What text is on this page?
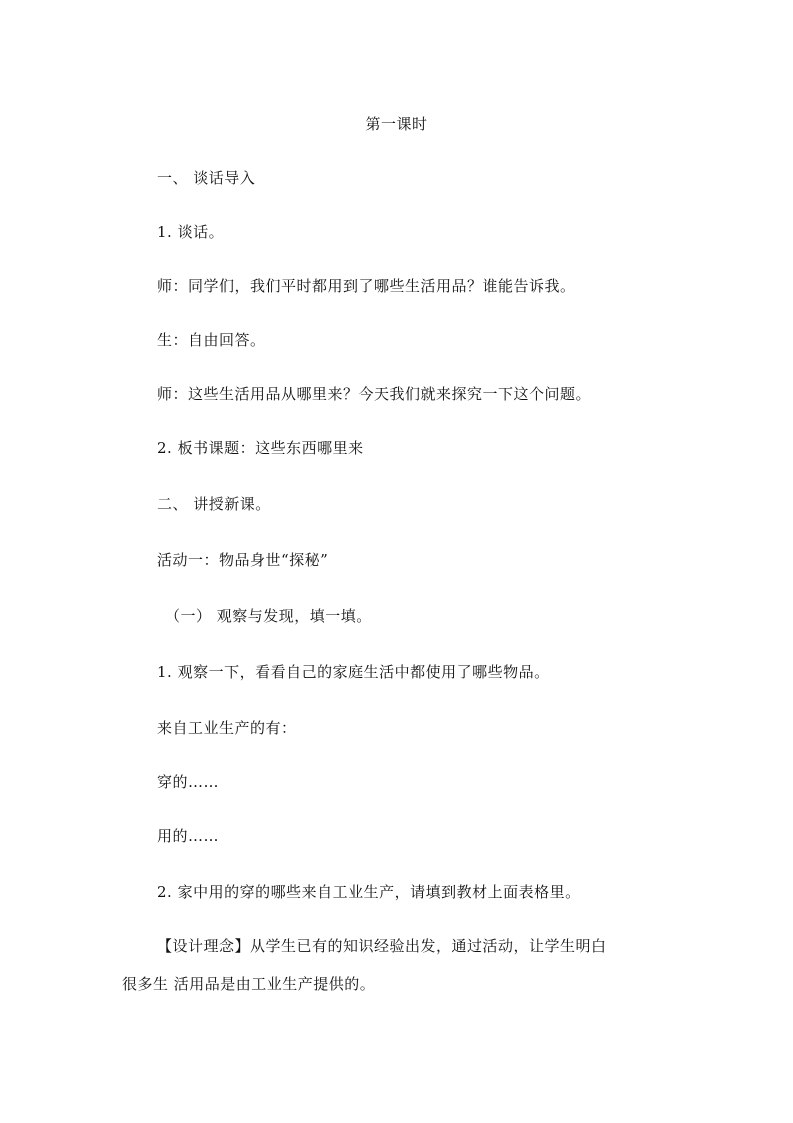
第一课时
一、 谈话导入
1. 谈话。
师：同学们，我们平时都用到了哪些生活用品？谁能告诉我。
生：自由回答。
师：这些生活用品从哪里来？今天我们就来探究一下这个问题。
2. 板书课题：这些东西哪里来
二、 讲授新课。
活动一：物品身世“探秘”
（一） 观察与发现，填一填。
1. 观察一下，看看自己的家庭生活中都使用了哪些物品。
来自工业生产的有：
穿的……
用的……
2. 家中用的穿的哪些来自工业生产，请填到教材上面表格里。
【设计理念】从学生已有的知识经验出发，通过活动，让学生明白
很多生 活用品是由工业生产提供的。
